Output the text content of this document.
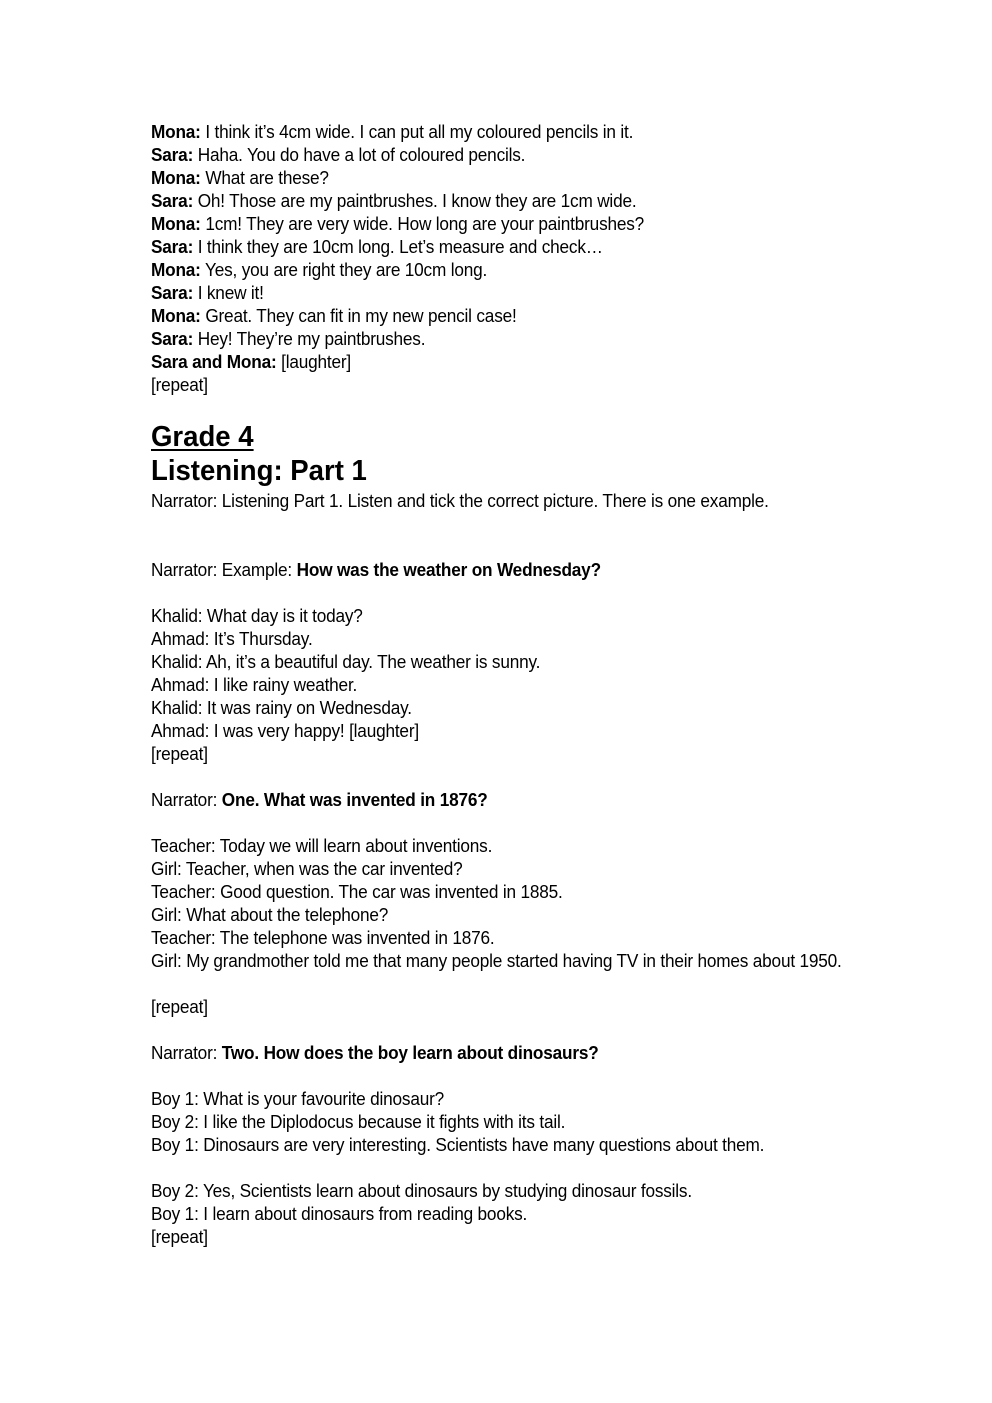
Mona: I think it’s 4cm wide. I can put all my coloured pencils in it.
Sara: Haha. You do have a lot of coloured pencils.
Mona: What are these?
Sara: Oh! Those are my paintbrushes. I know they are 1cm wide.
Mona: 1cm! They are very wide. How long are your paintbrushes?
Sara: I think they are 10cm long. Let’s measure and check…
Mona: Yes, you are right they are 10cm long.
Sara: I knew it!
Mona: Great. They can fit in my new pencil case!
Sara: Hey! They’re my paintbrushes.
Sara and Mona: [laughter]
[repeat]
Grade 4
Listening: Part 1
Narrator: Listening Part 1. Listen and tick the correct picture. There is one example.
Narrator: Example: How was the weather on Wednesday?
Khalid: What day is it today?
Ahmad: It’s Thursday.
Khalid: Ah, it’s a beautiful day. The weather is sunny.
Ahmad: I like rainy weather.
Khalid: It was rainy on Wednesday.
Ahmad: I was very happy! [laughter]
[repeat]
Narrator: One. What was invented in 1876?
Teacher: Today we will learn about inventions.
Girl: Teacher, when was the car invented?
Teacher: Good question. The car was invented in 1885.
Girl: What about the telephone?
Teacher: The telephone was invented in 1876.
Girl: My grandmother told me that many people started having TV in their homes about 1950.
[repeat]
Narrator: Two. How does the boy learn about dinosaurs?
Boy 1: What is your favourite dinosaur?
Boy 2: I like the Diplodocus because it fights with its tail.
Boy 1: Dinosaurs are very interesting. Scientists have many questions about them.
Boy 2: Yes, Scientists learn about dinosaurs by studying dinosaur fossils.
Boy 1: I learn about dinosaurs from reading books.
[repeat]
